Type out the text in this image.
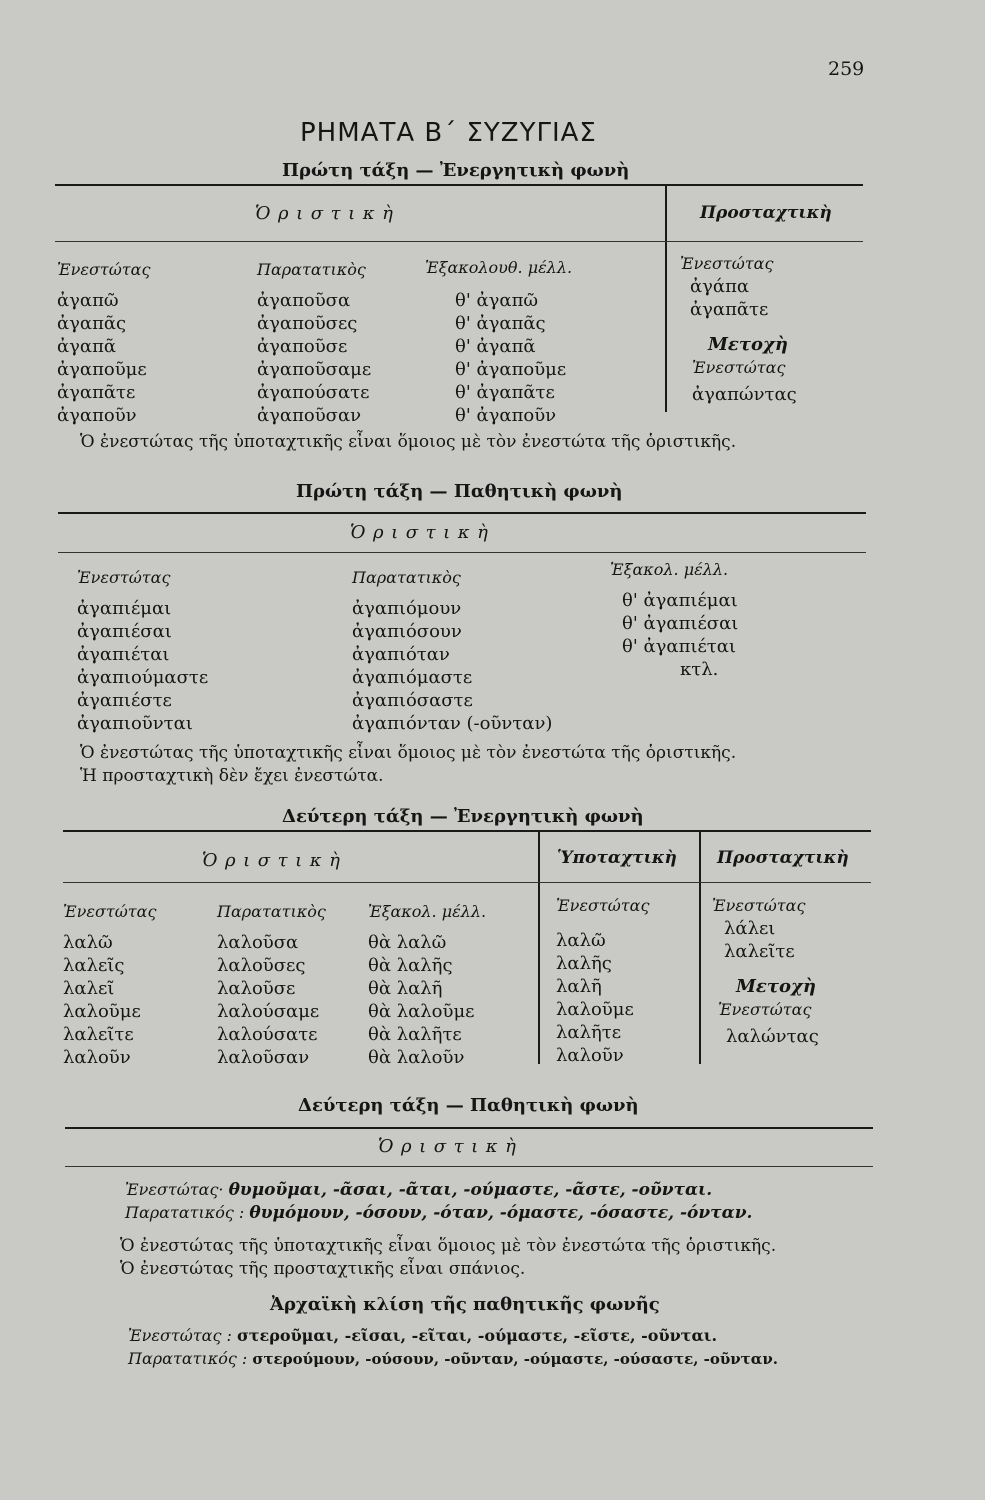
259
ΡΗΜΑΤΑ Β΄ ΣΥΖΥΓΙΑΣ
Πρώτη τάξη — Ἐνεργητικὴ φωνὴ
Ὁριστικὴ	Προσταχτικὴ
Ἐνεστώτας
ἀγαπῶ
ἀγαπᾶς
ἀγαπᾶ
ἀγαποῦμε
ἀγαπᾶτε
ἀγαποῦν
Παρατατικὸς
ἀγαποῦσα
ἀγαποῦσες
ἀγαποῦσε
ἀγαποῦσαμε
ἀγαπούσατε
ἀγαποῦσαν
Ἐξακολουθ. μέλλ.
θ' ἀγαπῶ
θ' ἀγαπᾶς
θ' ἀγαπᾶ
θ' ἀγαποῦμε
θ' ἀγαπᾶτε
θ' ἀγαποῦν
Ἐνεστώτας
ἀγάπα
ἀγαπᾶτε
Μετοχὴ
Ἐνεστώτας
ἀγαπώντας
Ὁ ἐνεστώτας τῆς ὑποταχτικῆς εἶναι ὅμοιος μὲ τὸν ἐνεστώτα τῆς ὁριστικῆς.
Πρώτη τάξη — Παθητικὴ φωνὴ
Ὁριστικὴ
Ἐνεστώτας
ἀγαπιέμαι
ἀγαπιέσαι
ἀγαπιέται
ἀγαπιούμαστε
ἀγαπιέστε
ἀγαπιοῦνται
Παρατατικὸς
ἀγαπιόμουν
ἀγαπιόσουν
ἀγαπιόταν
ἀγαπιόμαστε
ἀγαπιόσαστε
ἀγαπιόνταν (-οῦνταν)
Ἐξακολ. μέλλ.
θ' ἀγαπιέμαι
θ' ἀγαπιέσαι
θ' ἀγαπιέται
κτλ.
Ὁ ἐνεστώτας τῆς ὑποταχτικῆς εἶναι ὅμοιος μὲ τὸν ἐνεστώτα τῆς ὁριστικῆς.
Ἡ προσταχτικὴ δὲν ἔχει ἐνεστώτα.
Δεύτερη τάξη — Ἐνεργητικὴ φωνὴ
Ὁριστικὴ	Ὑποταχτικὴ Προσταχτικὴ
Ἐνεστώτας
λαλῶ
λαλεῖς
λαλεῖ
λαλοῦμε
λαλεῖτε
λαλοῦν
Παρατατικὸς
λαλοῦσα
λαλοῦσες
λαλοῦσε
λαλούσαμε
λαλούσατε
λαλοῦσαν
Ἐξακολ. μέλλ.
θὰ λαλῶ
θὰ λαλῆς
θὰ λαλῆ
θὰ λαλοῦμε
θὰ λαλῆτε
θὰ λαλοῦν
Ἐνεστώτας
λαλῶ
λαλῆς
λαλῆ
λαλοῦμε
λαλῆτε
λαλοῦν
Ἐνεστώτας
λάλει
λαλεῖτε
Μετοχὴ
Ἐνεστώτας
λαλώντας
Δεύτερη τάξη — Παθητικὴ φωνὴ
Ὁριστικὴ
Ἐνεστώτας· θυμοῦμαι, -ᾶσαι, -ᾶται, -ούμαστε, -ᾶστε, -οῦνται.
Παρατατικός : θυμόμουν, -όσουν, -όταν, -όμαστε, -όσαστε, -όνταν.
Ὁ ἐνεστώτας τῆς ὑποταχτικῆς εἶναι ὅμοιος μὲ τὸν ἐνεστώτα τῆς ὁριστικῆς.
Ὁ ἐνεστώτας τῆς προσταχτικῆς εἶναι σπάνιος.
Ἀρχαϊκὴ κλίση τῆς παθητικῆς φωνῆς
Ἐνεστώτας : στεροῦμαι, -εῖσαι, -εῖται, -ούμαστε, -εῖστε, -οῦνται.
Παρατατικός : στερούμουν, -ούσουν, -οῦνταν, -ούμαστε, -ούσαστε, -οῦνταν.
